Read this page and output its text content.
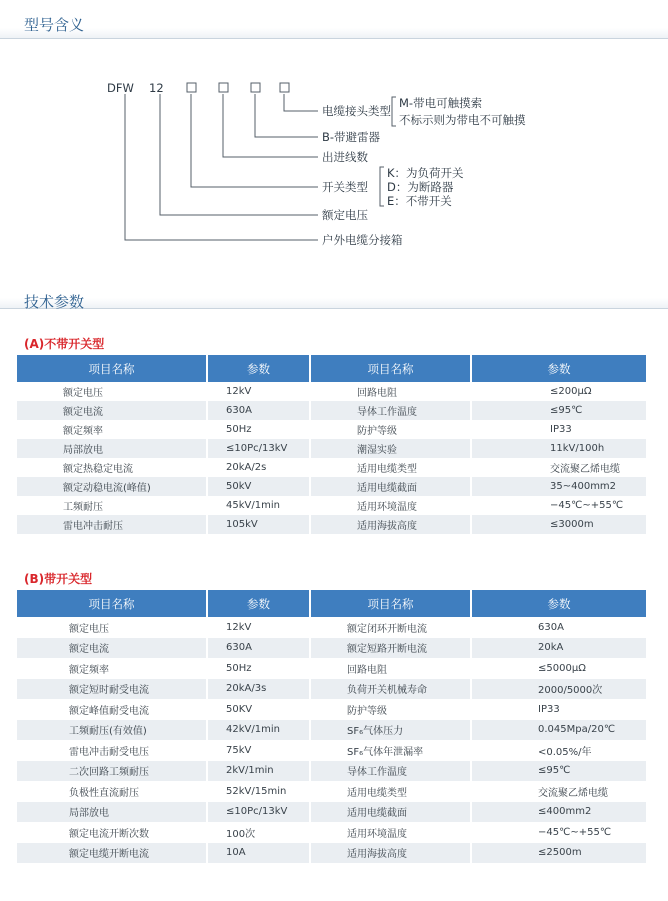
型号含义
DFW 12
电缆接头类型
M-带电可触摸索
不标示则为带电不可触摸
B-带避雷器
出进线数
开关类型
K：为负荷开关
D：为断路器
E：不带开关
额定电压
户外电缆分接箱
技术参数
(A)不带开关型
项目名称	参数	项目名称	参数
额定电压	12kV	回路电阻	≤200μΩ
额定电流	630A	导体工作温度	≤95℃
额定频率	50Hz	防护等级	IP33
局部放电	≤10Pc/13kV	潮湿实验	11kV/100h
额定热稳定电流	20kA/2s	适用电缆类型	交流聚乙烯电缆
额定动稳电流(峰值)	50kV	适用电缆截面	35~400mm2
工频耐压	45kV/1min	适用环境温度	−45℃~+55℃
雷电冲击耐压	105kV	适用海拔高度	≤3000m
(B)带开关型
项目名称	参数	项目名称	参数
额定电压	12kV	额定闭环开断电流	630A
额定电流	630A	额定短路开断电流	20kA
额定频率	50Hz	回路电阻	≤5000μΩ
额定短时耐受电流	20kA/3s	负荷开关机械寿命	2000/5000次
额定峰值耐受电流	50KV	防护等级	IP33
工频耐压(有效值)	42kV/1min	SF₆气体压力	0.045Mpa/20℃
雷电冲击耐受电压	75kV	SF₆气体年泄漏率	<0.05%/年
二次回路工频耐压	2kV/1min	导体工作温度	≤95℃
负极性直流耐压	52kV/15min	适用电缆类型	交流聚乙烯电缆
局部放电	≤10Pc/13kV	适用电缆截面	≤400mm2
额定电流开断次数	100次	适用环境温度	−45℃~+55℃
额定电缆开断电流	10A	适用海拔高度	≤2500m
